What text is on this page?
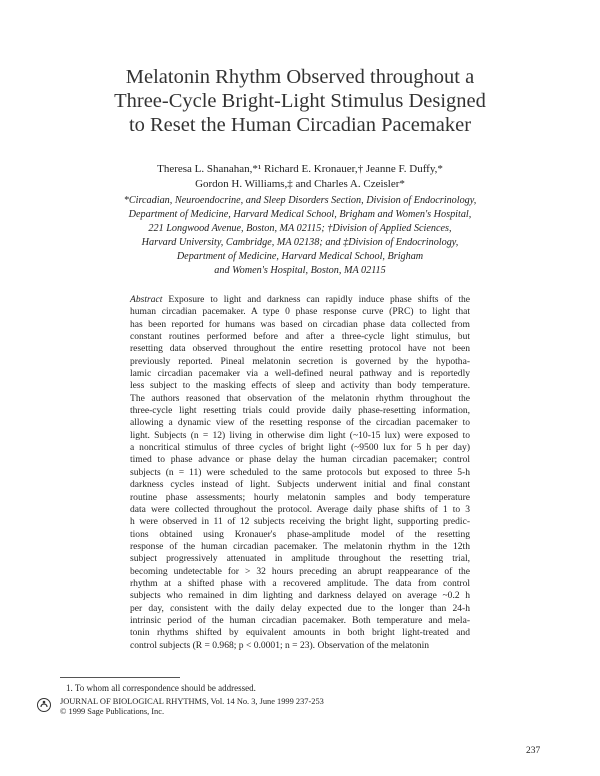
Melatonin Rhythm Observed throughout a
Three-Cycle Bright-Light Stimulus Designed
to Reset the Human Circadian Pacemaker
Theresa L. Shanahan,*¹ Richard E. Kronauer,† Jeanne F. Duffy,*
Gordon H. Williams,‡ and Charles A. Czeisler*
*Circadian, Neuroendocrine, and Sleep Disorders Section, Division of Endocrinology,
Department of Medicine, Harvard Medical School, Brigham and Women's Hospital,
221 Longwood Avenue, Boston, MA 02115; †Division of Applied Sciences,
Harvard University, Cambridge, MA 02138; and ‡Division of Endocrinology,
Department of Medicine, Harvard Medical School, Brigham
and Women's Hospital, Boston, MA 02115
Abstract Exposure to light and darkness can rapidly induce phase shifts of the
human circadian pacemaker. A type 0 phase response curve (PRC) to light that
has been reported for humans was based on circadian phase data collected from
constant routines performed before and after a three-cycle light stimulus, but
resetting data observed throughout the entire resetting protocol have not been
previously reported. Pineal melatonin secretion is governed by the hypotha-
lamic circadian pacemaker via a well-defined neural pathway and is reportedly
less subject to the masking effects of sleep and activity than body temperature.
The authors reasoned that observation of the melatonin rhythm throughout the
three-cycle light resetting trials could provide daily phase-resetting information,
allowing a dynamic view of the resetting response of the circadian pacemaker to
light. Subjects (n = 12) living in otherwise dim light (~10-15 lux) were exposed to
a noncritical stimulus of three cycles of bright light (~9500 lux for 5 h per day)
timed to phase advance or phase delay the human circadian pacemaker; control
subjects (n = 11) were scheduled to the same protocols but exposed to three 5-h
darkness cycles instead of light. Subjects underwent initial and final constant
routine phase assessments; hourly melatonin samples and body temperature
data were collected throughout the protocol. Average daily phase shifts of 1 to 3
h were observed in 11 of 12 subjects receiving the bright light, supporting predic-
tions obtained using Kronauer's phase-amplitude model of the resetting
response of the human circadian pacemaker. The melatonin rhythm in the 12th
subject progressively attenuated in amplitude throughout the resetting trial,
becoming undetectable for > 32 hours preceding an abrupt reappearance of the
rhythm at a shifted phase with a recovered amplitude. The data from control
subjects who remained in dim lighting and darkness delayed on average ~0.2 h
per day, consistent with the daily delay expected due to the longer than 24-h
intrinsic period of the human circadian pacemaker. Both temperature and mela-
tonin rhythms shifted by equivalent amounts in both bright light-treated and
control subjects (R = 0.968; p < 0.0001; n = 23). Observation of the melatonin
1. To whom all correspondence should be addressed.
JOURNAL OF BIOLOGICAL RHYTHMS, Vol. 14 No. 3, June 1999 237-253
© 1999 Sage Publications, Inc.
237
